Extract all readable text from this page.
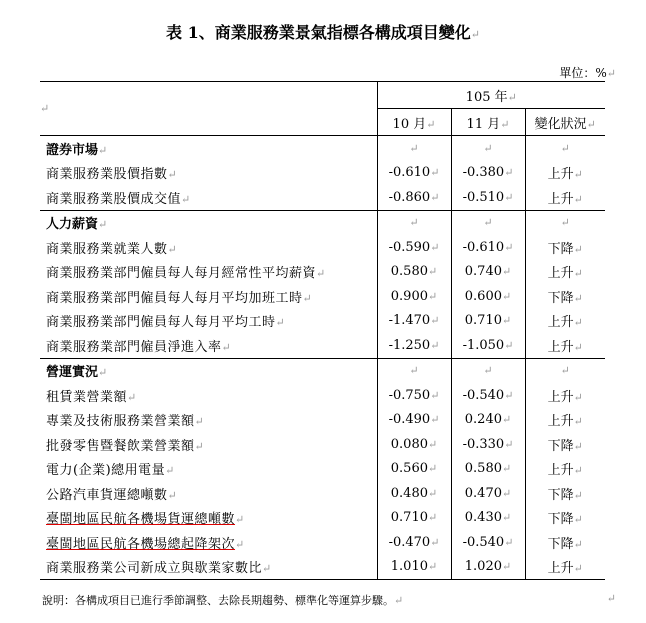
表 1、商業服務業景氣指標各構成項目變化↵
單位：%↵
↵	105 年↵		
	10 月↵	11 月↵	變化狀況↵
證券市場↵	↵	↵	↵
商業服務業股價指數↵	-0.610↵	-0.380↵	上升↵
商業服務業股價成交值↵	-0.860↵	-0.510↵	上升↵
人力薪資↵	↵	↵	↵
商業服務業就業人數↵	-0.590↵	-0.610↵	下降↵
商業服務業部門僱員每人每月經常性平均薪資↵	0.580↵	0.740↵	上升↵
商業服務業部門僱員每人每月平均加班工時↵	0.900↵	0.600↵	下降↵
商業服務業部門僱員每人每月平均工時↵	-1.470↵	0.710↵	上升↵
商業服務業部門僱員淨進入率↵	-1.250↵	-1.050↵	上升↵
營運實況↵	↵	↵	↵
租賃業營業額↵	-0.750↵	-0.540↵	上升↵
專業及技術服務業營業額↵	-0.490↵	0.240↵	上升↵
批發零售暨餐飲業營業額↵	0.080↵	-0.330↵	下降↵
電力(企業)總用電量↵	0.560↵	0.580↵	上升↵
公路汽車貨運總噸數↵	0.480↵	0.470↵	下降↵
臺閩地區民航各機場貨運總噸數↵	0.710↵	0.430↵	下降↵
臺閩地區民航各機場總起降架次↵	-0.470↵	-0.540↵	下降↵
商業服務業公司新成立與歇業家數比↵	1.010↵	1.020↵	上升↵
說明：各構成項目已進行季節調整、去除長期趨勢、標準化等運算步驟。↵	↵
